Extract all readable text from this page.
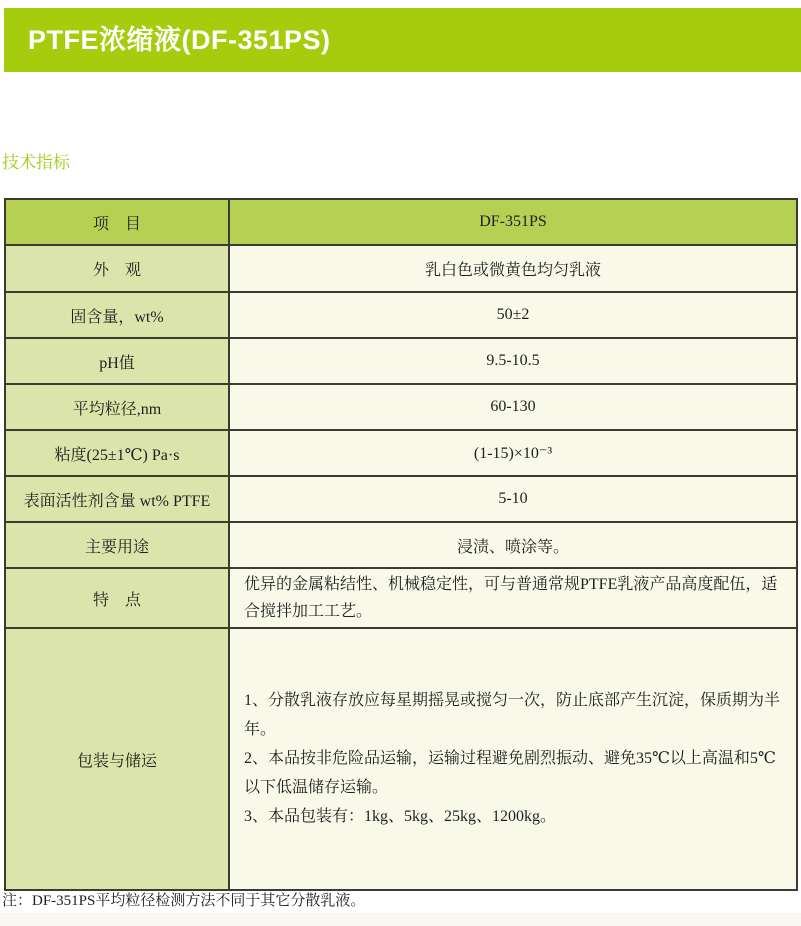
PTFE浓缩液(DF-351PS)
技术指标
项　目	DF-351PS
外　观	乳白色或微黄色均匀乳液
固含量，wt%	50±2
pH值	9.5-10.5
平均粒径,nm	60-130
粘度(25±1℃) Pa·s	(1-15)×10⁻³
表面活性剂含量 wt% PTFE	5-10
主要用途	浸渍、喷涂等。
特　点	优异的金属粘结性、机械稳定性，可与普通常规PTFE乳液产品高度配伍，适合搅拌加工工艺。
包装与储运	1、分散乳液存放应每星期摇晃或搅匀一次，防止底部产生沉淀，保质期为半年。
2、本品按非危险品运输，运输过程避免剧烈振动、避免35℃以上高温和5℃以下低温储存运输。
3、本品包装有：1kg、5kg、25kg、1200kg。
注：DF-351PS平均粒径检测方法不同于其它分散乳液。
